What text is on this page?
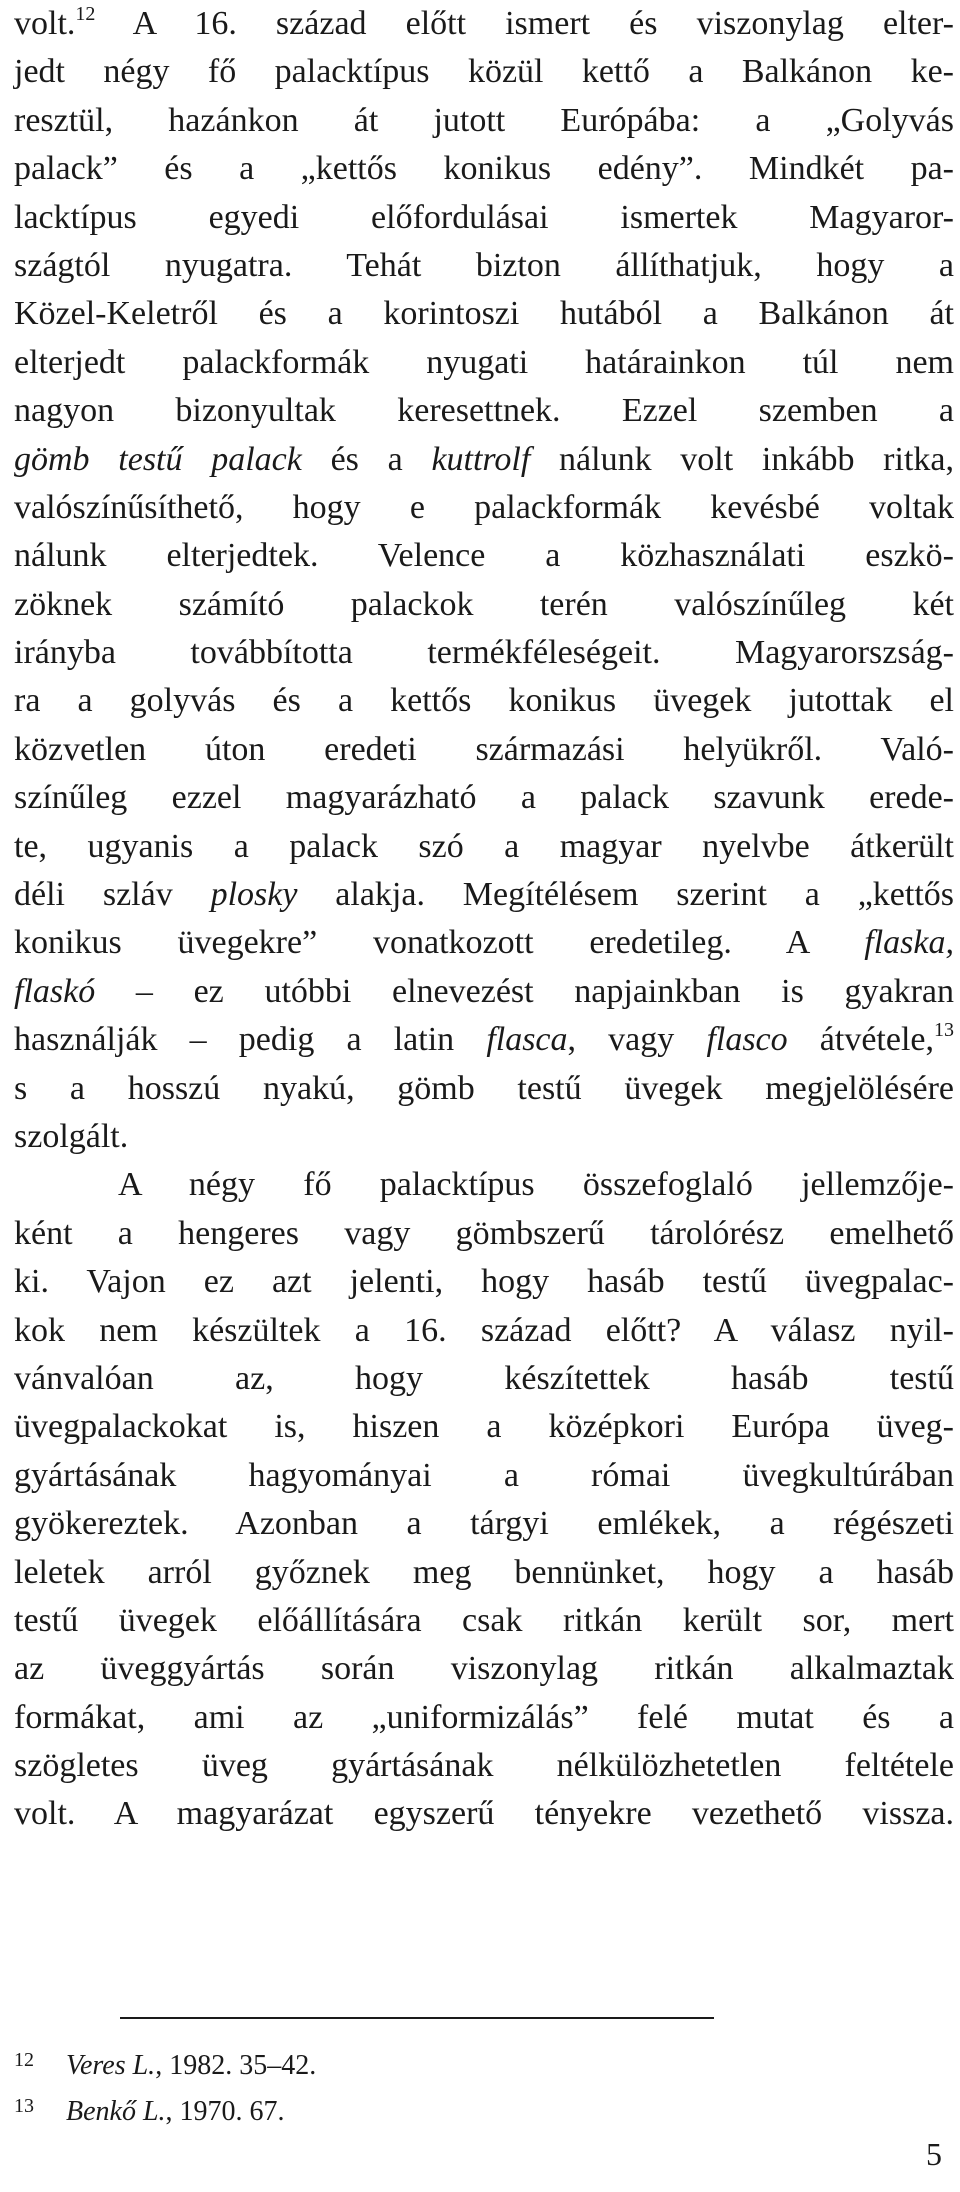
volt.$^{12}$ A 16. század előtt ismert és viszonylag elter-
jedt négy fő palacktípus közül kettő a Balkánon ke-
resztül, hazánkon át jutott Európába: a „Golyvás
palack” és a „kettős konikus edény”. Mindkét pa-
lacktípus egyedi előfordulásai ismertek Magyaror-
szágtól nyugatra. Tehát bizton állíthatjuk, hogy a
Közel-Keletről és a korintoszi hutából a Balkánon át
elterjedt palackformák nyugati határainkon túl nem
nagyon bizonyultak keresettnek. Ezzel szemben a
gömb testű palack és a kuttrolf nálunk volt inkább ritka,
valószínűsíthető, hogy e palackformák kevésbé voltak
nálunk elterjedtek. Velence a közhasználati eszkö-
zöknek számító palackok terén valószínűleg két
irányba továbbította termékféleségeit. Magyarorszság-
ra a golyvás és a kettős konikus üvegek jutottak el
közvetlen úton eredeti származási helyükről. Való-
színűleg ezzel magyarázható a palack szavunk erede-
te, ugyanis a palack szó a magyar nyelvbe átkerült
déli szláv plosky alakja. Megítélésem szerint a „kettős
konikus üvegekre” vonatkozott eredetileg. A flaska,
flaskó – ez utóbbi elnevezést napjainkban is gyakran
használják – pedig a latin flasca, vagy flasco átvétele,$^{13}$
s a hosszú nyakú, gömb testű üvegek megjelölésére
szolgált.
A négy fő palacktípus összefoglaló jellemzője-
ként a hengeres vagy gömbszerű tárolórész emelhető
ki. Vajon ez azt jelenti, hogy hasáb testű üvegpalac-
kok nem készültek a 16. század előtt? A válasz nyil-
vánvalóan az, hogy készítettek hasáb testű
üvegpalackokat is, hiszen a középkori Európa üveg-
gyártásának hagyományai a római üvegkultúrában
gyökereztek. Azonban a tárgyi emlékek, a régészeti
leletek arról győznek meg bennünket, hogy a hasáb
testű üvegek előállítására csak ritkán került sor, mert
az üveggyártás során viszonylag ritkán alkalmaztak
formákat, ami az „uniformizálás” felé mutat és a
szögletes üveg gyártásának nélkülözhetetlen feltétele
volt. A magyarázat egyszerű tényekre vezethető vissza.
12 Veres L., 1982. 35–42.
13 Benkő L., 1970. 67.
5
